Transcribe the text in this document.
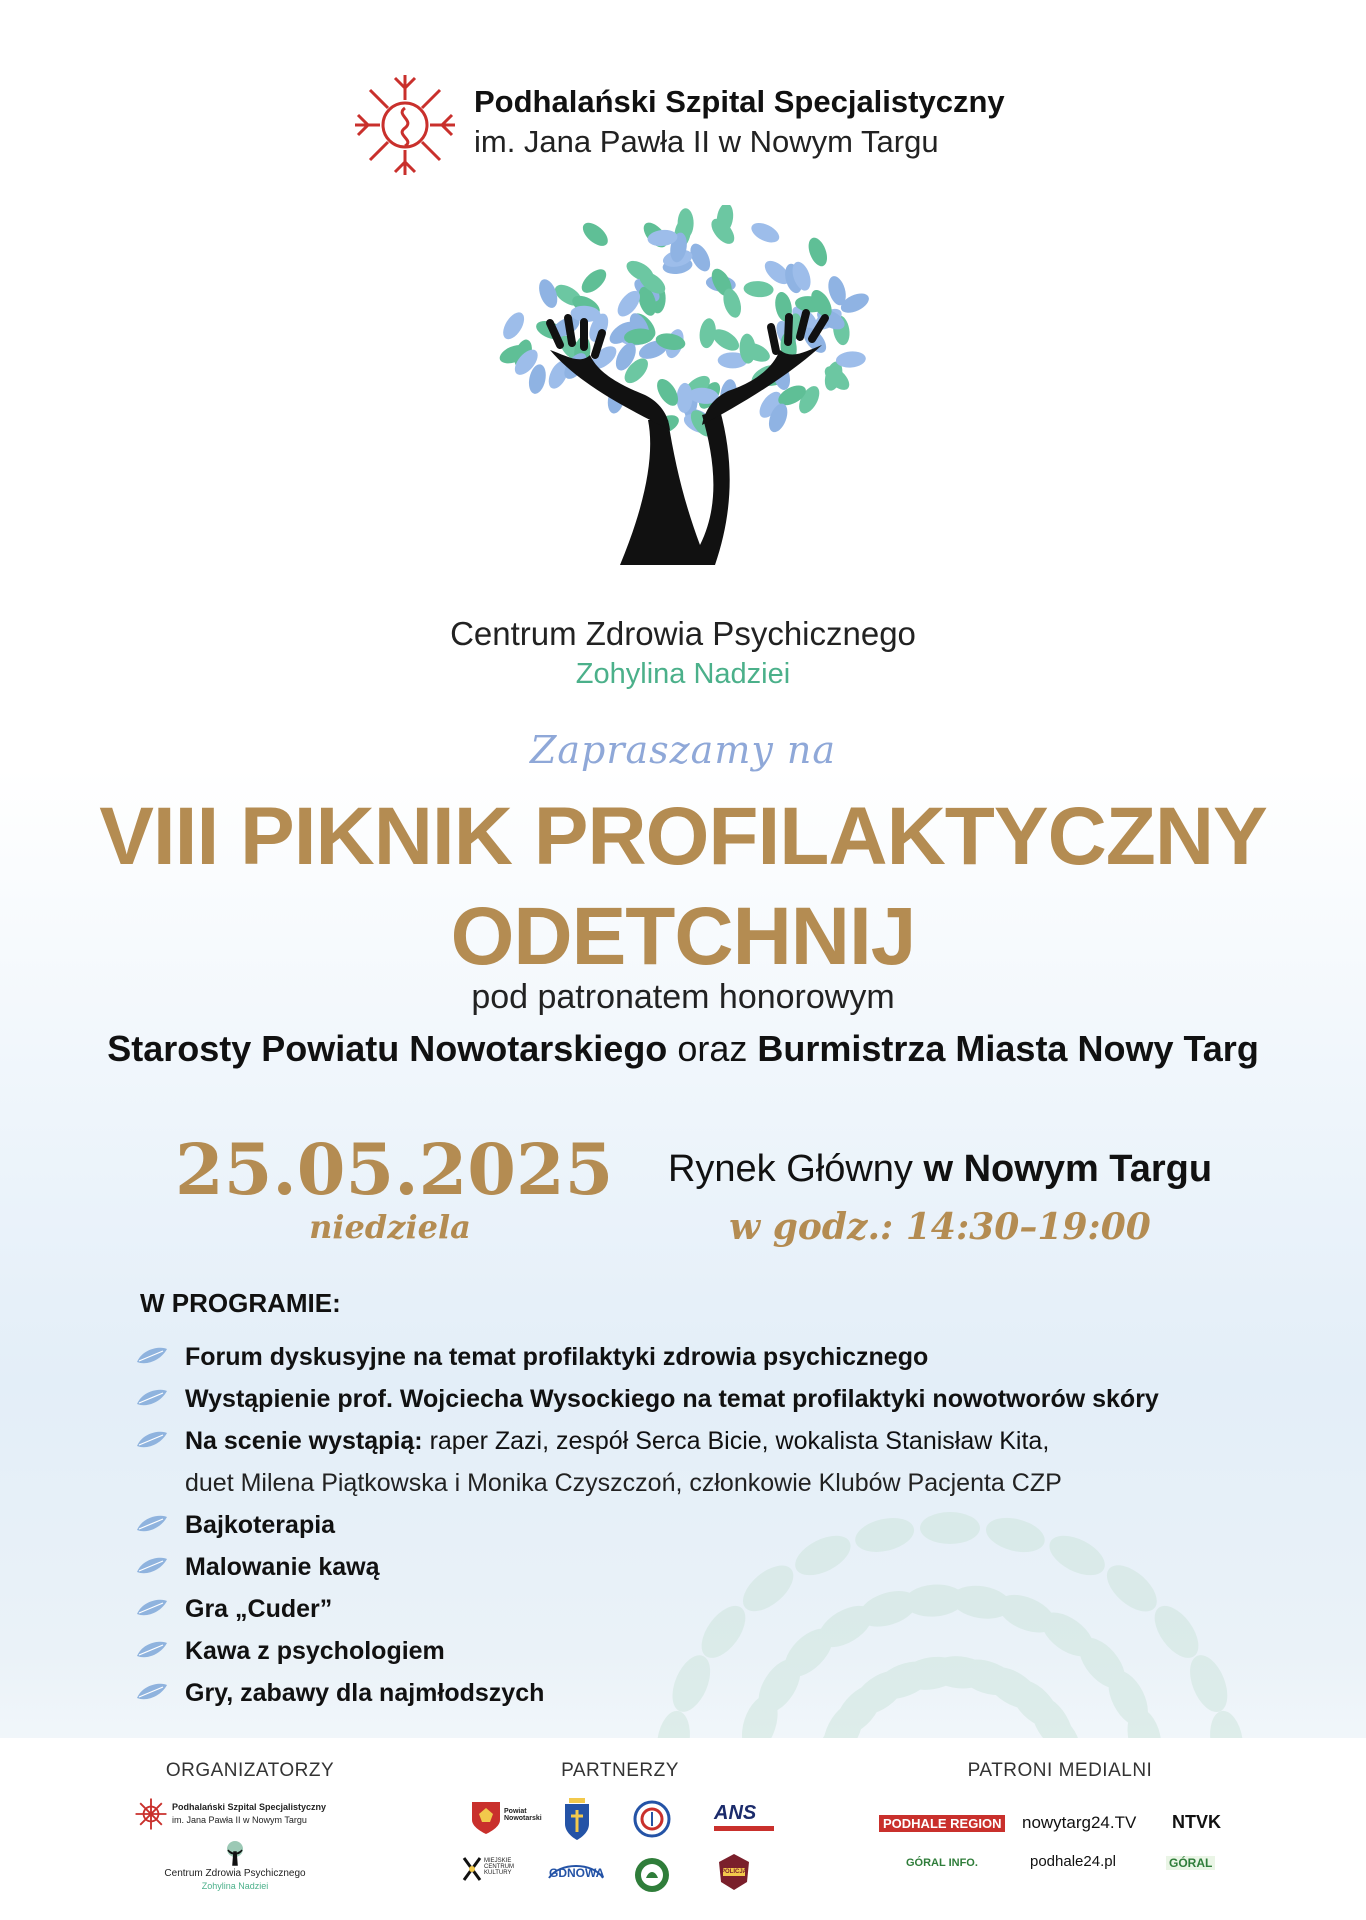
Podhalański Szpital Specjalistyczny
im. Jana Pawła II w Nowym Targu
Centrum Zdrowia Psychicznego
Zohylina Nadziei
Zapraszamy na
VIII PIKNIK PROFILAKTYCZNY
ODETCHNIJ
pod patronatem honorowym
Starosty Powiatu Nowotarskiego oraz Burmistrza Miasta Nowy Targ
25.05.2025
niedziela
Rynek Główny w Nowym Targu
w godz.: 14:30–19:00
W PROGRAMIE:
Forum dyskusyjne na temat profilaktyki zdrowia psychicznego
Wystąpienie prof. Wojciecha Wysockiego na temat profilaktyki nowotworów skóry
Na scenie wystąpią: raper Zazi, zespół Serca Bicie, wokalista Stanisław Kita,
duet Milena Piątkowska i Monika Czyszczoń, członkowie Klubów Pacjenta CZP
Bajkoterapia
Malowanie kawą
Gra „Cuder”
Kawa z psychologiem
Gry, zabawy dla najmłodszych
ORGANIZATORZY	PARTNERZY	PATRONI MEDIALNI
Podhalański Szpital Specjalistyczny
im. Jana Pawła II w Nowym Targu
Centrum Zdrowia Psychicznego
Zohylina Nadziei
Powiat Nowotarski	ANS
MIEJSKIE CENTRUM KULTURY	GDNOWA	POLICJA
PODHALE REGION nowytarg24.TV NTVK
GÓRAL INFO.	podhale24.pl	GÓRAL
